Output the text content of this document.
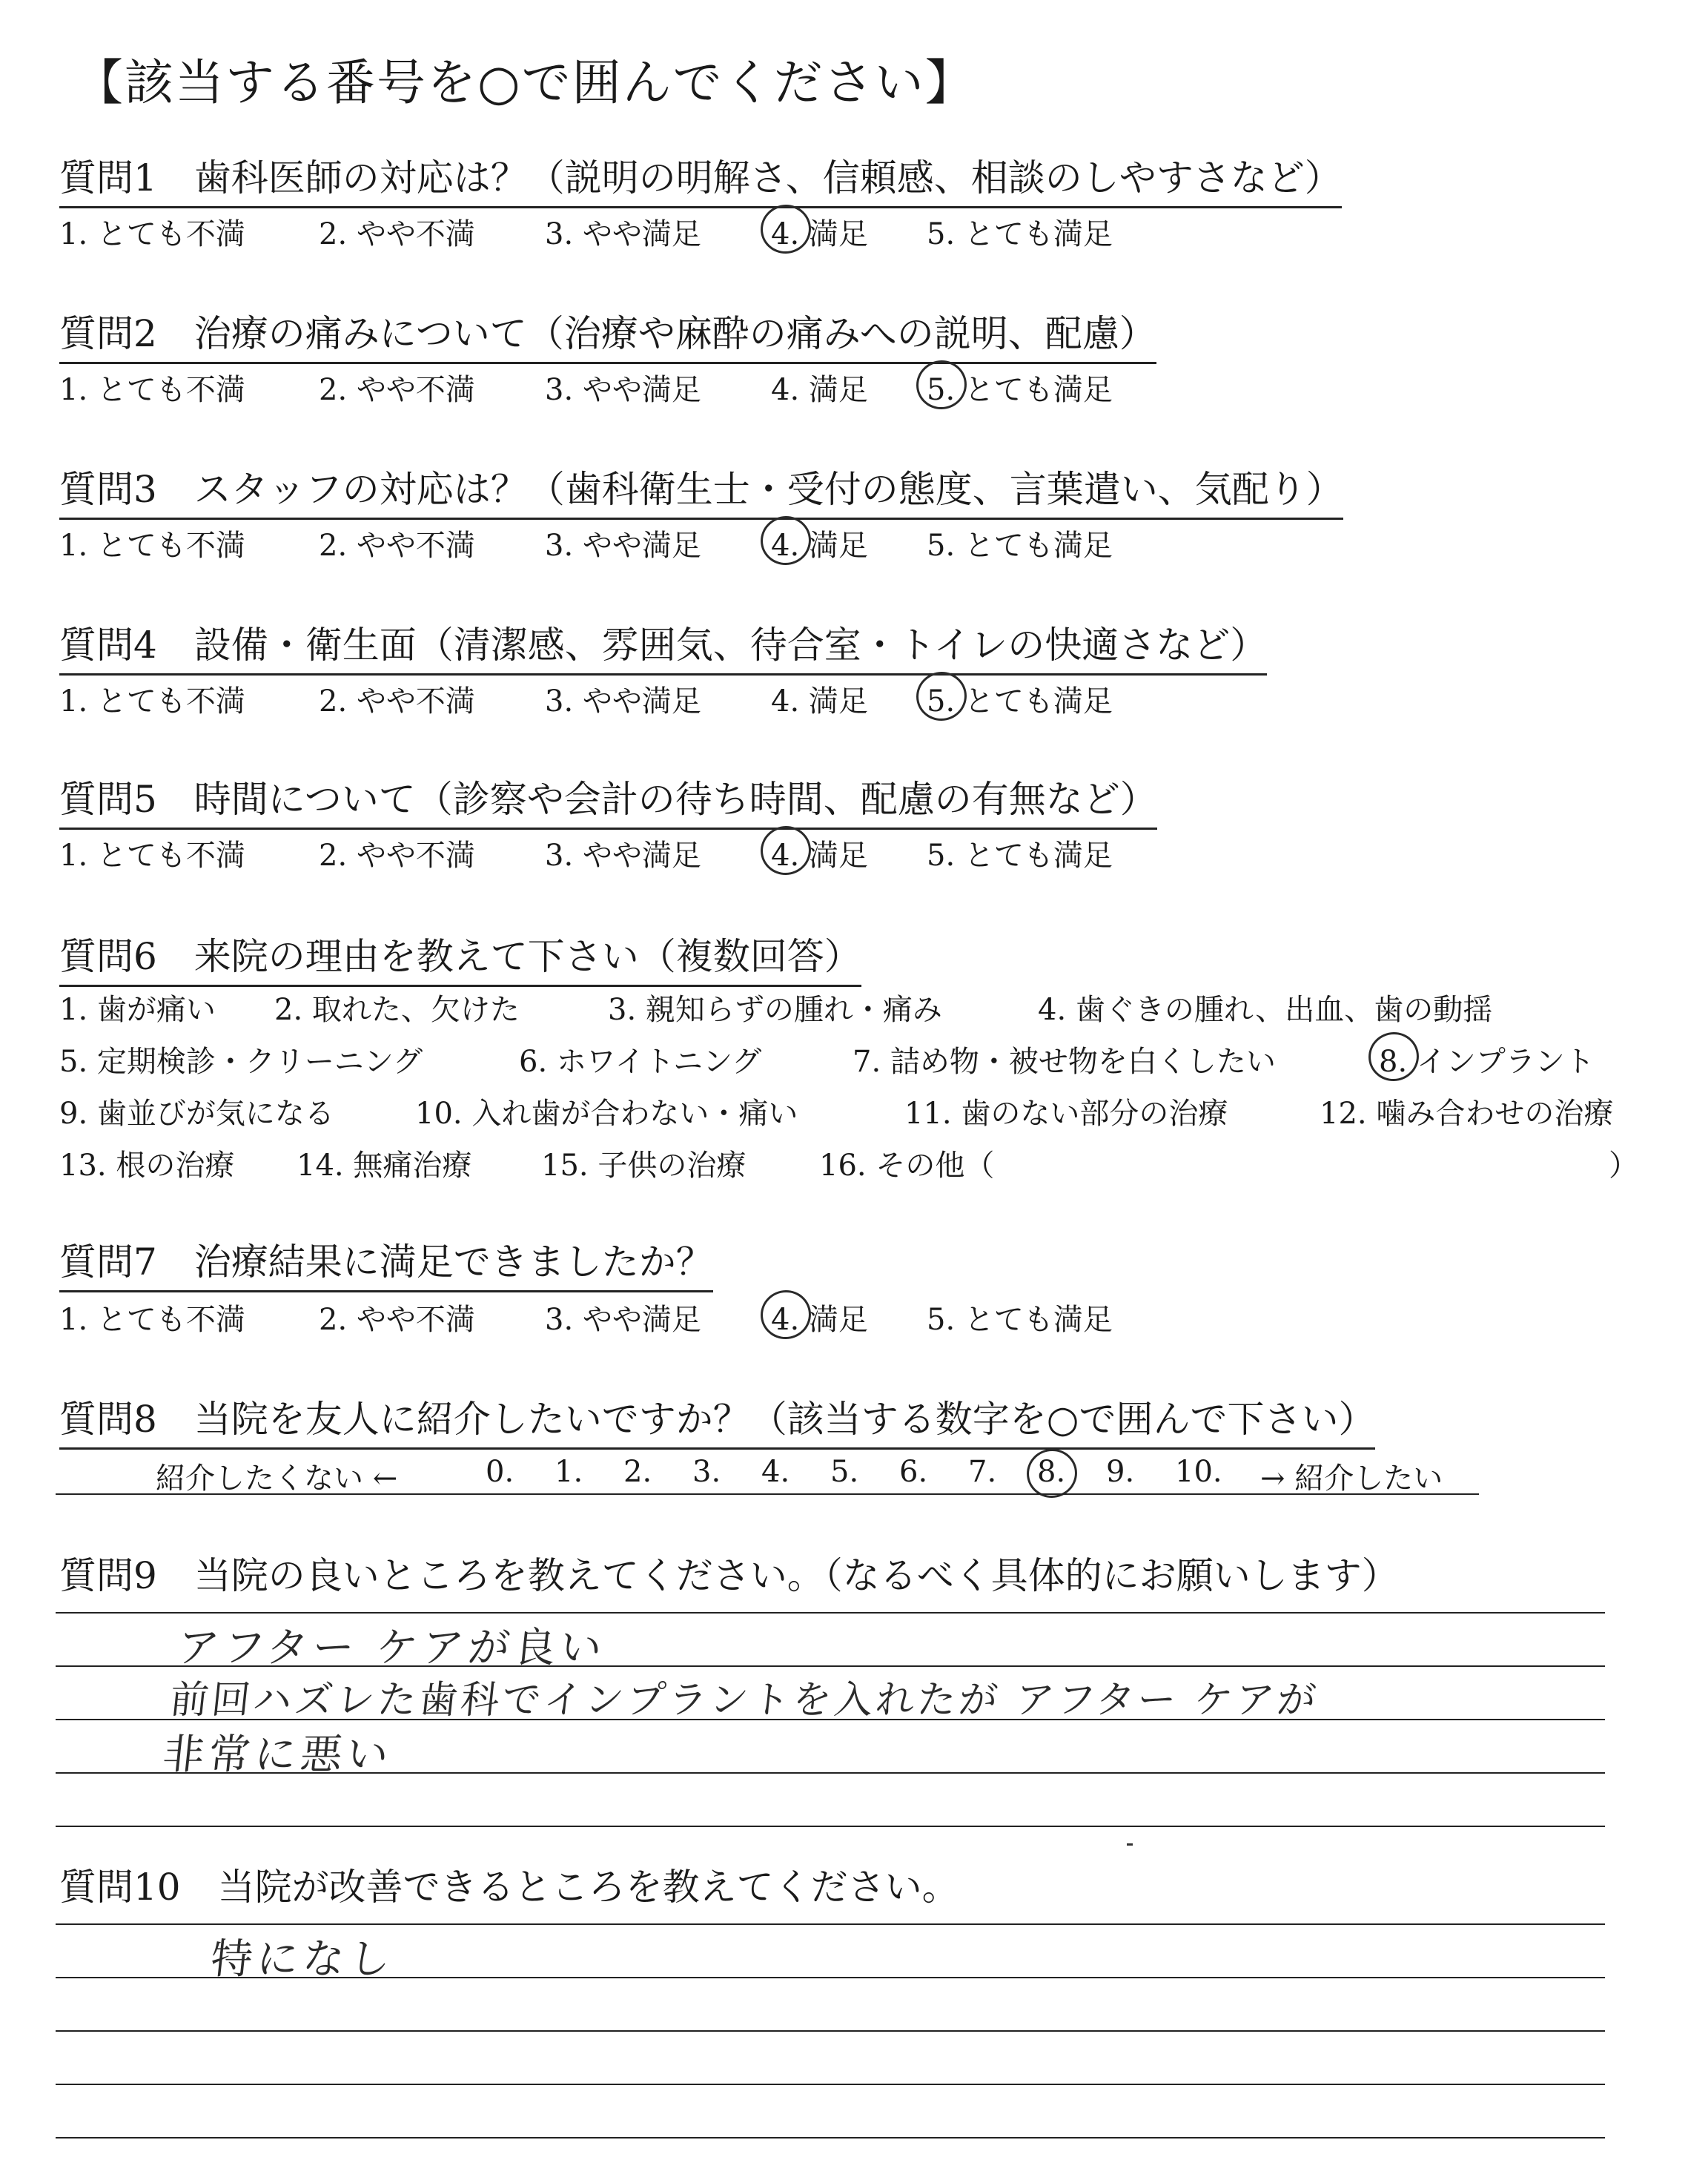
【該当する番号を○で囲んでください】
質問1　歯科医師の対応は？（説明の明解さ、信頼感、相談のしやすさなど）
1. とても不満 2. やや不満 3. やや満足 4. 満足 5. とても満足
質問2　治療の痛みについて（治療や麻酔の痛みへの説明、配慮）
1. とても不満 2. やや不満 3. やや満足 4. 満足 5. とても満足
質問3　スタッフの対応は？（歯科衛生士・受付の態度、言葉遣い、気配り）
1. とても不満 2. やや不満 3. やや満足 4. 満足 5. とても満足
質問4　設備・衛生面（清潔感、雰囲気、待合室・トイレの快適さなど）
1. とても不満 2. やや不満 3. やや満足 4. 満足 5. とても満足
質問5　時間について（診察や会計の待ち時間、配慮の有無など）
1. とても不満 2. やや不満 3. やや満足 4. 満足 5. とても満足
質問6　来院の理由を教えて下さい（複数回答）
1. 歯が痛い 2. 取れた、欠けた	3. 親知らずの腫れ・痛み	4. 歯ぐきの腫れ、出血、歯の動揺
5. 定期検診・クリーニング	6. ホワイトニング	7. 詰め物・被せ物を白くしたい	8. インプラント
9. 歯並びが気になる	10. 入れ歯が合わない・痛い	11. 歯のない部分の治療	12. 噛み合わせの治療
13. 根の治療 14. 無痛治療 15. 子供の治療 16. その他（	）
質問7　治療結果に満足できましたか？
1. とても不満 2. やや不満 3. やや満足 4. 満足 5. とても満足
質問8　当院を友人に紹介したいですか？（該当する数字を○で囲んで下さい）
紹介したくない ←	0. 1. 2. 3. 4. 5. 6. 7. 8. 9. 10. → 紹介したい
質問9　当院の良いところを教えてください。（なるべく具体的にお願いします）
アフター ケアが良い
前回ハズレた歯科でインプラントを入れたが アフター ケアが
非常に悪い
質問10　当院が改善できるところを教えてください。
特になし
